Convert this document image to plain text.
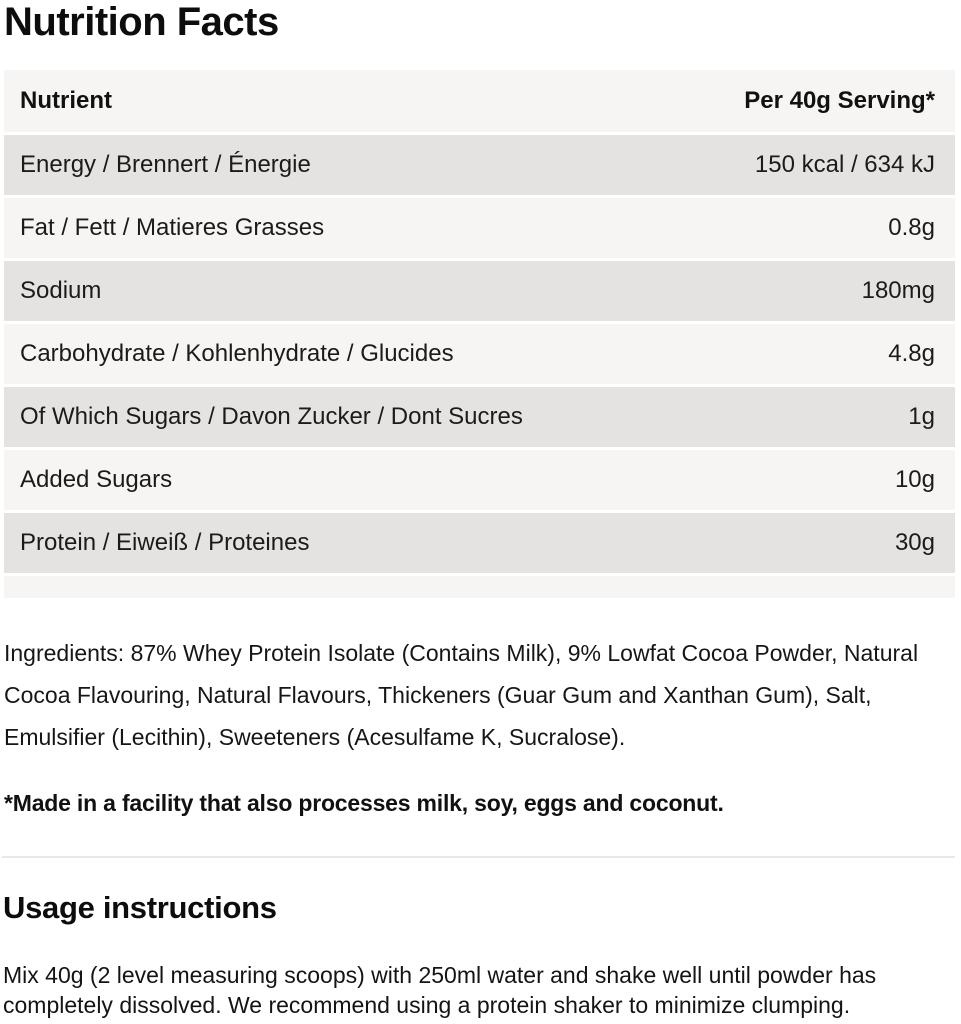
Nutrition Facts
Nutrient	Per 40g Serving*
Energy / Brennert / Énergie	150 kcal / 634 kJ
Fat / Fett / Matieres Grasses	0.8g
Sodium	180mg
Carbohydrate / Kohlenhydrate / Glucides	4.8g
Of Which Sugars / Davon Zucker / Dont Sucres	1g
Added Sugars	10g
Protein / Eiweiß / Proteines	30g

Ingredients: 87% Whey Protein Isolate (Contains Milk), 9% Lowfat Cocoa Powder, Natural Cocoa Flavouring, Natural Flavours, Thickeners (Guar Gum and Xanthan Gum), Salt, Emulsifier (Lecithin), Sweeteners (Acesulfame K, Sucralose).

*Made in a facility that also processes milk, soy, eggs and coconut.

Usage instructions

Mix 40g (2 level measuring scoops) with 250ml water and shake well until powder has completely dissolved. We recommend using a protein shaker to minimize clumping.
